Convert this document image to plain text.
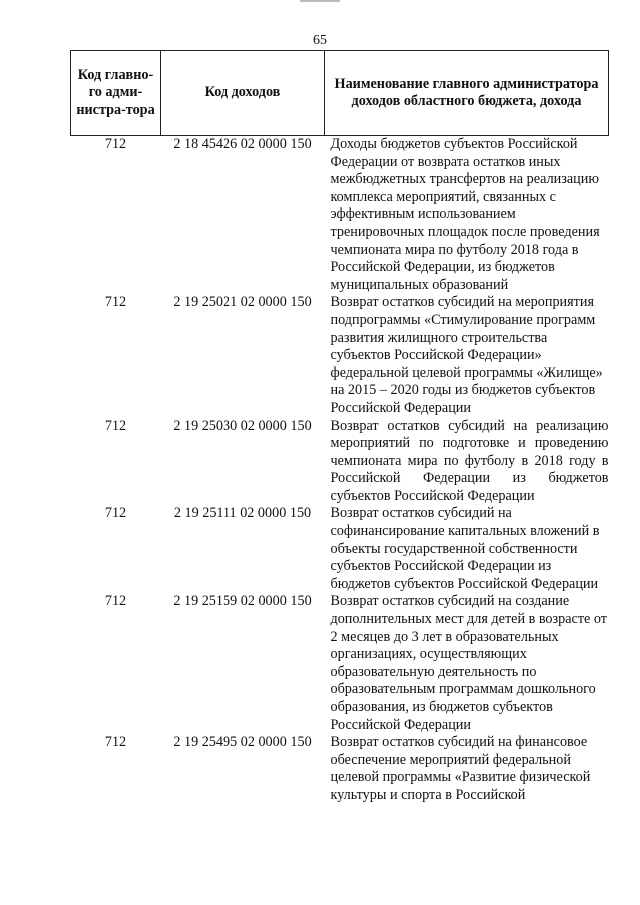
65
Код главно-го адми-нистра-тора	Код доходов	Наименование главного администратора доходов областного бюджета, дохода
712	2 18 45426 02 0000 150	Доходы бюджетов субъектов Российской Федерации от возврата остатков иных межбюджетных трансфертов на реализацию комплекса мероприятий, связанных с эффективным использованием тренировочных площадок после проведения чемпионата мира по футболу 2018 года в Российской Федерации, из бюджетов муниципальных образований
712	2 19 25021 02 0000 150	Возврат остатков субсидий на мероприятия подпрограммы «Стимулирование программ развития жилищного строительства субъектов Российской Федерации» федеральной целевой программы «Жилище» на 2015 – 2020 годы из бюджетов субъектов Российской Федерации
712	2 19 25030 02 0000 150	Возврат остатков субсидий на реализацию мероприятий по подготовке и проведению чемпионата мира по футболу в 2018 году в Российской Федерации из бюджетов субъектов Российской Федерации
712	2 19 25111 02 0000 150	Возврат остатков субсидий на софинансирование капитальных вложений в объекты государственной собственности субъектов Российской Федерации из бюджетов субъектов Российской Федерации
712	2 19 25159 02 0000 150	Возврат остатков субсидий на создание дополнительных мест для детей в возрасте от 2 месяцев до 3 лет в образовательных организациях, осуществляющих образовательную деятельность по образовательным программам дошкольного образования, из бюджетов субъектов Российской Федерации
712	2 19 25495 02 0000 150	Возврат остатков субсидий на финансовое обеспечение мероприятий федеральной целевой программы «Развитие физической культуры и спорта в Российской
